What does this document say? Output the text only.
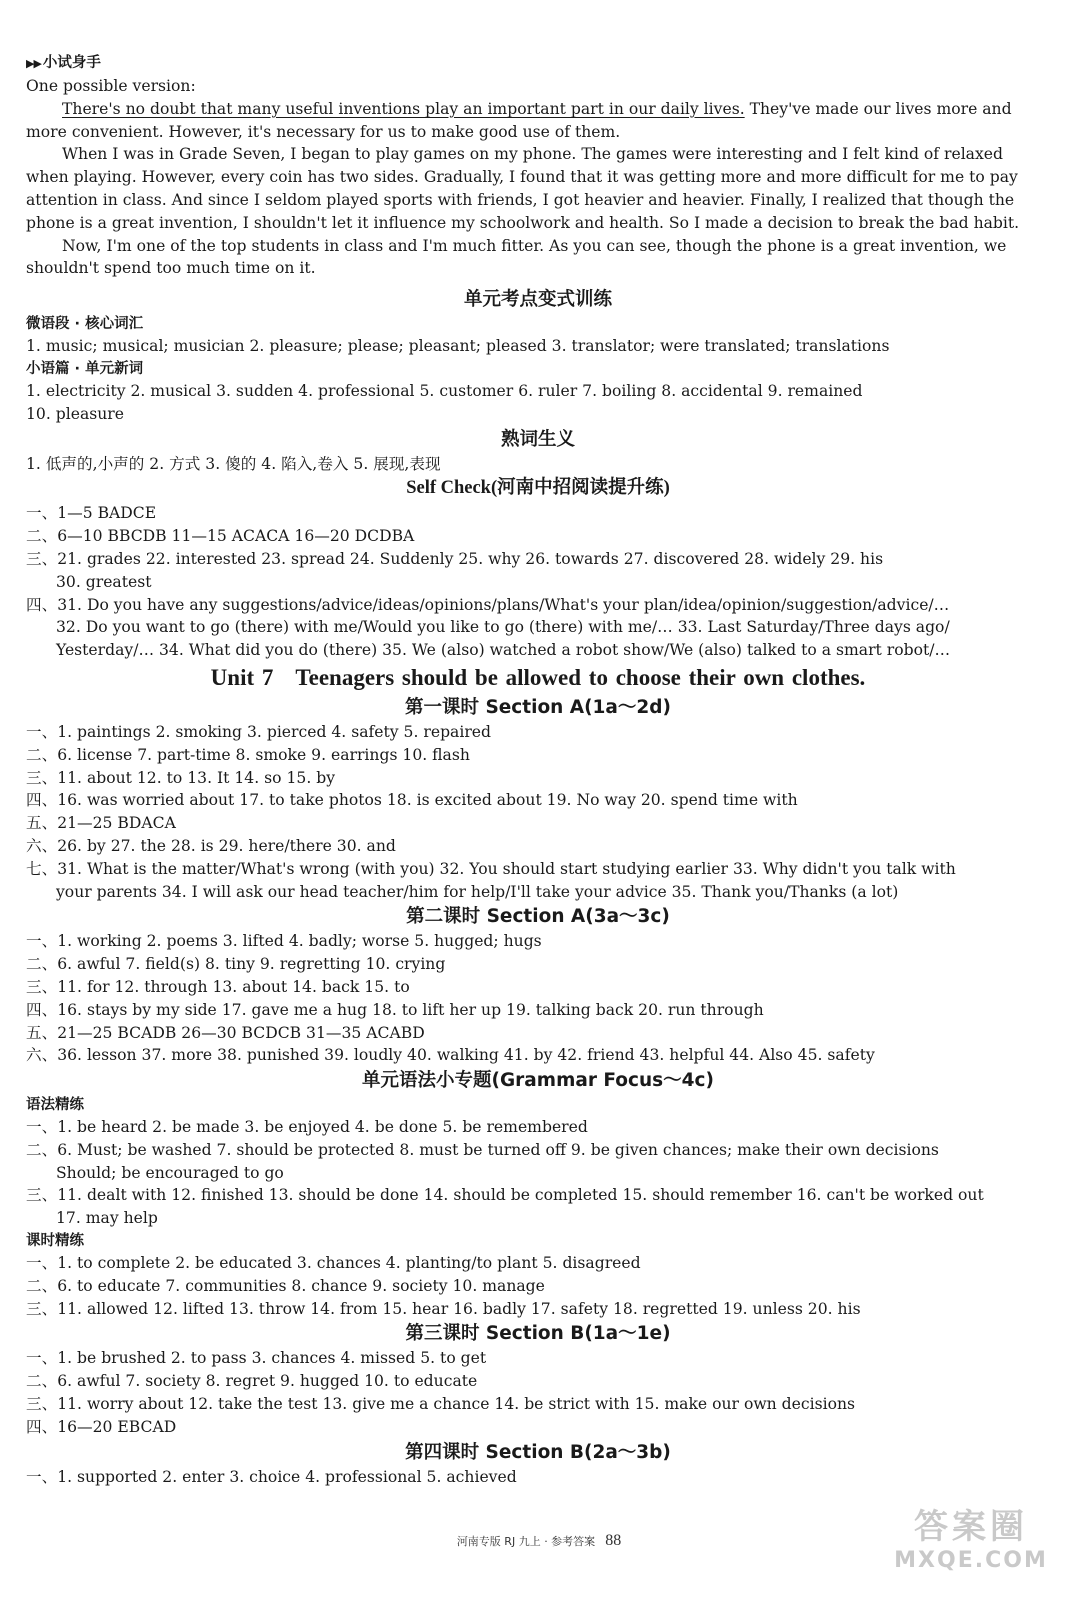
▶▶ 小试身手
One possible version:
There's no doubt that many useful inventions play an important part in our daily lives. They've made our lives more and
more convenient. However, it's necessary for us to make good use of them.
When I was in Grade Seven, I began to play games on my phone. The games were interesting and I felt kind of relaxed
when playing. However, every coin has two sides. Gradually, I found that it was getting more and more difficult for me to pay
attention in class. And since I seldom played sports with friends, I got heavier and heavier. Finally, I realized that though the
phone is a great invention, I shouldn't let it influence my schoolwork and health. So I made a decision to break the bad habit.
Now, I'm one of the top students in class and I'm much fitter. As you can see, though the phone is a great invention, we
shouldn't spend too much time on it.
单元考点变式训练
微语段 · 核心词汇
1. music; musical; musician 2. pleasure; please; pleasant; pleased 3. translator; were translated; translations
小语篇 · 单元新词
1. electricity 2. musical 3. sudden 4. professional 5. customer 6. ruler 7. boiling 8. accidental 9. remained
10. pleasure
熟词生义
1. 低声的,小声的 2. 方式 3. 傻的 4. 陷入,卷入 5. 展现,表现
Self Check(河南中招阅读提升练)
一、1—5 BADCE
二、6—10 BBCDB 11—15 ACACA 16—20 DCDBA
三、21. grades 22. interested 23. spread 24. Suddenly 25. why 26. towards 27. discovered 28. widely 29. his
30. greatest
四、31. Do you have any suggestions/advice/ideas/opinions/plans/What's your plan/idea/opinion/suggestion/advice/…
32. Do you want to go (there) with me/Would you like to go (there) with me/… 33. Last Saturday/Three days ago/
Yesterday/… 34. What did you do (there) 35. We (also) watched a robot show/We (also) talked to a smart robot/…
Unit 7 Teenagers should be allowed to choose their own clothes.
第一课时 Section A(1a～2d)
一、1. paintings 2. smoking 3. pierced 4. safety 5. repaired
二、6. license 7. part-time 8. smoke 9. earrings 10. flash
三、11. about 12. to 13. It 14. so 15. by
四、16. was worried about 17. to take photos 18. is excited about 19. No way 20. spend time with
五、21—25 BDACA
六、26. by 27. the 28. is 29. here/there 30. and
七、31. What is the matter/What's wrong (with you) 32. You should start studying earlier 33. Why didn't you talk with
your parents 34. I will ask our head teacher/him for help/I'll take your advice 35. Thank you/Thanks (a lot)
第二课时 Section A(3a～3c)
一、1. working 2. poems 3. lifted 4. badly; worse 5. hugged; hugs
二、6. awful 7. field(s) 8. tiny 9. regretting 10. crying
三、11. for 12. through 13. about 14. back 15. to
四、16. stays by my side 17. gave me a hug 18. to lift her up 19. talking back 20. run through
五、21—25 BCADB 26—30 BCDCB 31—35 ACABD
六、36. lesson 37. more 38. punished 39. loudly 40. walking 41. by 42. friend 43. helpful 44. Also 45. safety
单元语法小专题(Grammar Focus～4c)
语法精练
一、1. be heard 2. be made 3. be enjoyed 4. be done 5. be remembered
二、6. Must; be washed 7. should be protected 8. must be turned off 9. be given chances; make their own decisions
Should; be encouraged to go
三、11. dealt with 12. finished 13. should be done 14. should be completed 15. should remember 16. can't be worked out
17. may help
课时精练
一、1. to complete 2. be educated 3. chances 4. planting/to plant 5. disagreed
二、6. to educate 7. communities 8. chance 9. society 10. manage
三、11. allowed 12. lifted 13. throw 14. from 15. hear 16. badly 17. safety 18. regretted 19. unless 20. his
第三课时 Section B(1a～1e)
一、1. be brushed 2. to pass 3. chances 4. missed 5. to get
二、6. awful 7. society 8. regret 9. hugged 10. to educate
三、11. worry about 12. take the test 13. give me a chance 14. be strict with 15. make our own decisions
四、16—20 EBCAD
第四课时 Section B(2a～3b)
一、1. supported 2. enter 3. choice 4. professional 5. achieved
河南专版 RJ 九上 · 参考答案 88	答案圈
MXQE.COM
